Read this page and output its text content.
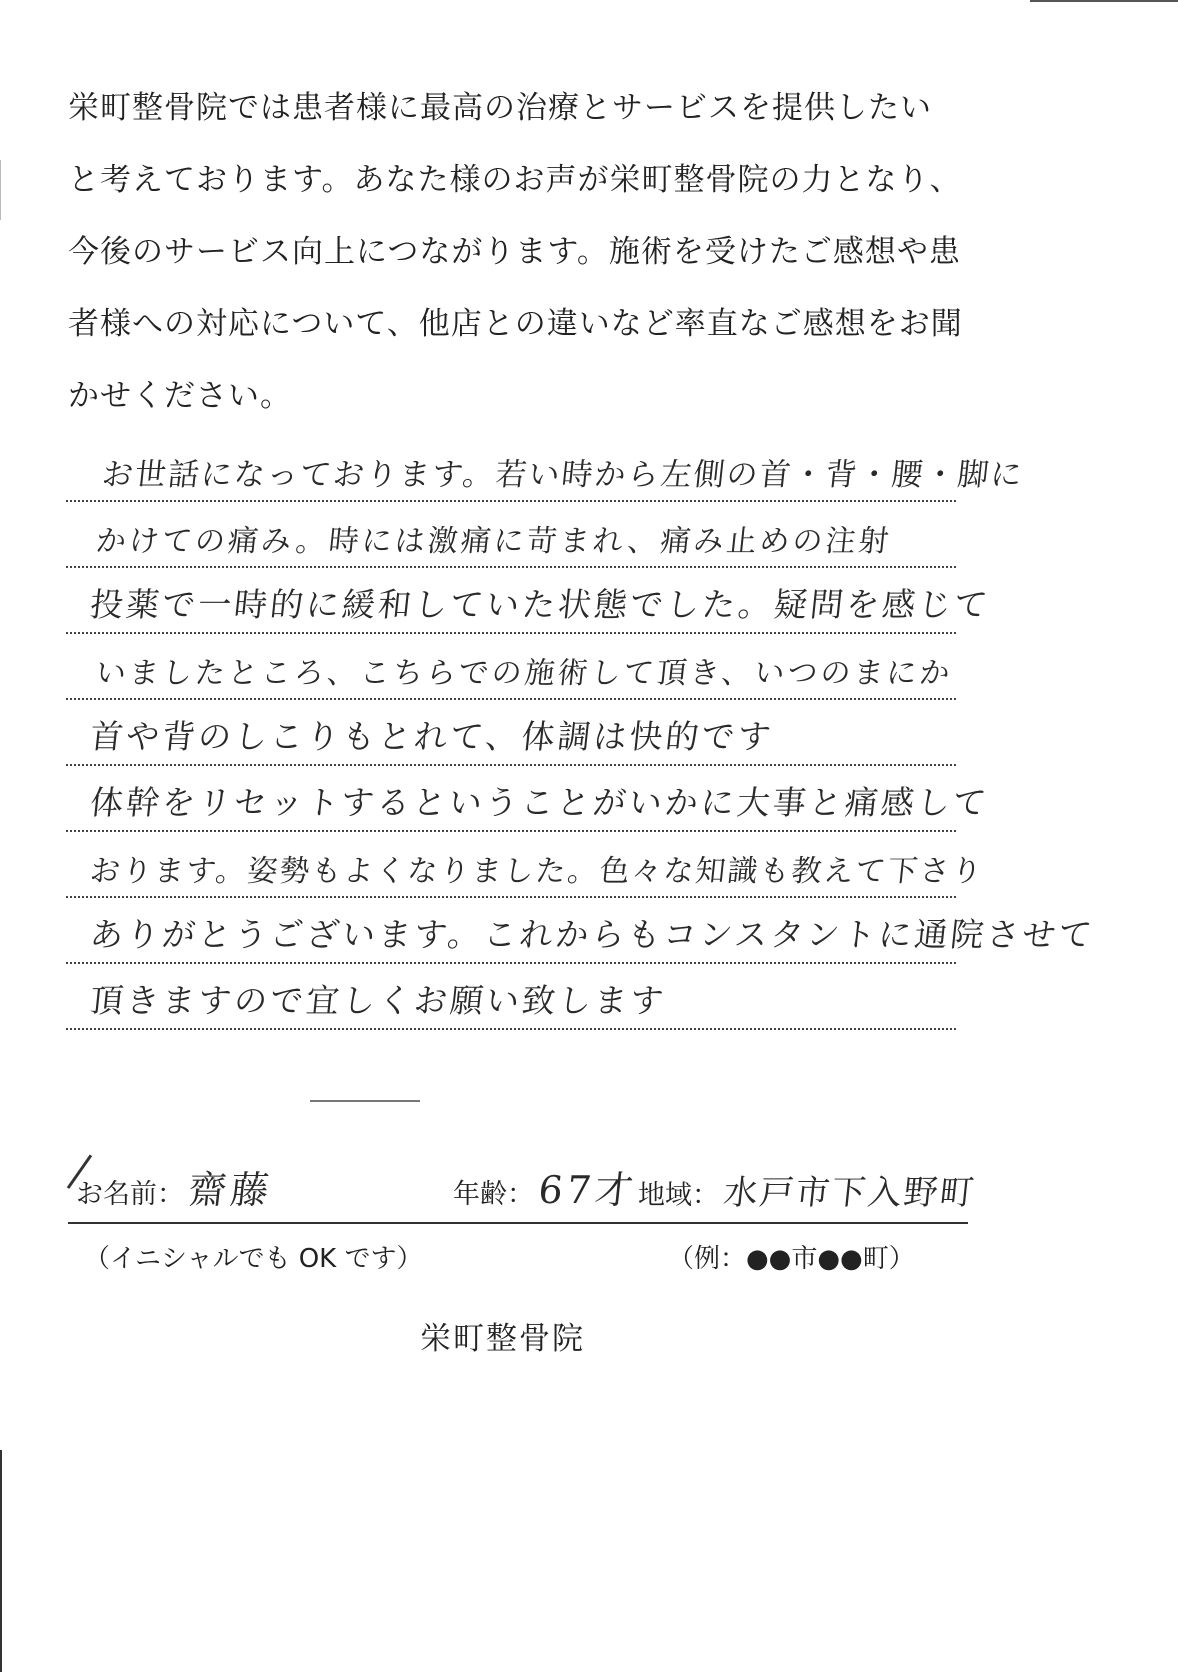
栄町整骨院では患者様に最高の治療とサービスを提供したい
と考えております。あなた様のお声が栄町整骨院の力となり、
今後のサービス向上につながります。施術を受けたご感想や患
者様への対応について、他店との違いなど率直なご感想をお聞
かせください。
お世話になっております。若い時から左側の首・背・腰・脚に
かけての痛み。時には激痛に苛まれ、痛み止めの注射
投薬で一時的に緩和していた状態でした。疑問を感じて
いましたところ、こちらでの施術して頂き、いつのまにか
首や背のしこりもとれて、体調は快的です
体幹をリセットするということがいかに大事と痛感して
おります。姿勢もよくなりました。色々な知識も教えて下さり
ありがとうございます。これからもコンスタントに通院させて
頂きますので宜しくお願い致します
お名前： 齋藤	年齢： 67才
地域： 水戸市下入野町
（イニシャルでも OK です）	（例：●●市●●町）
栄町整骨院
